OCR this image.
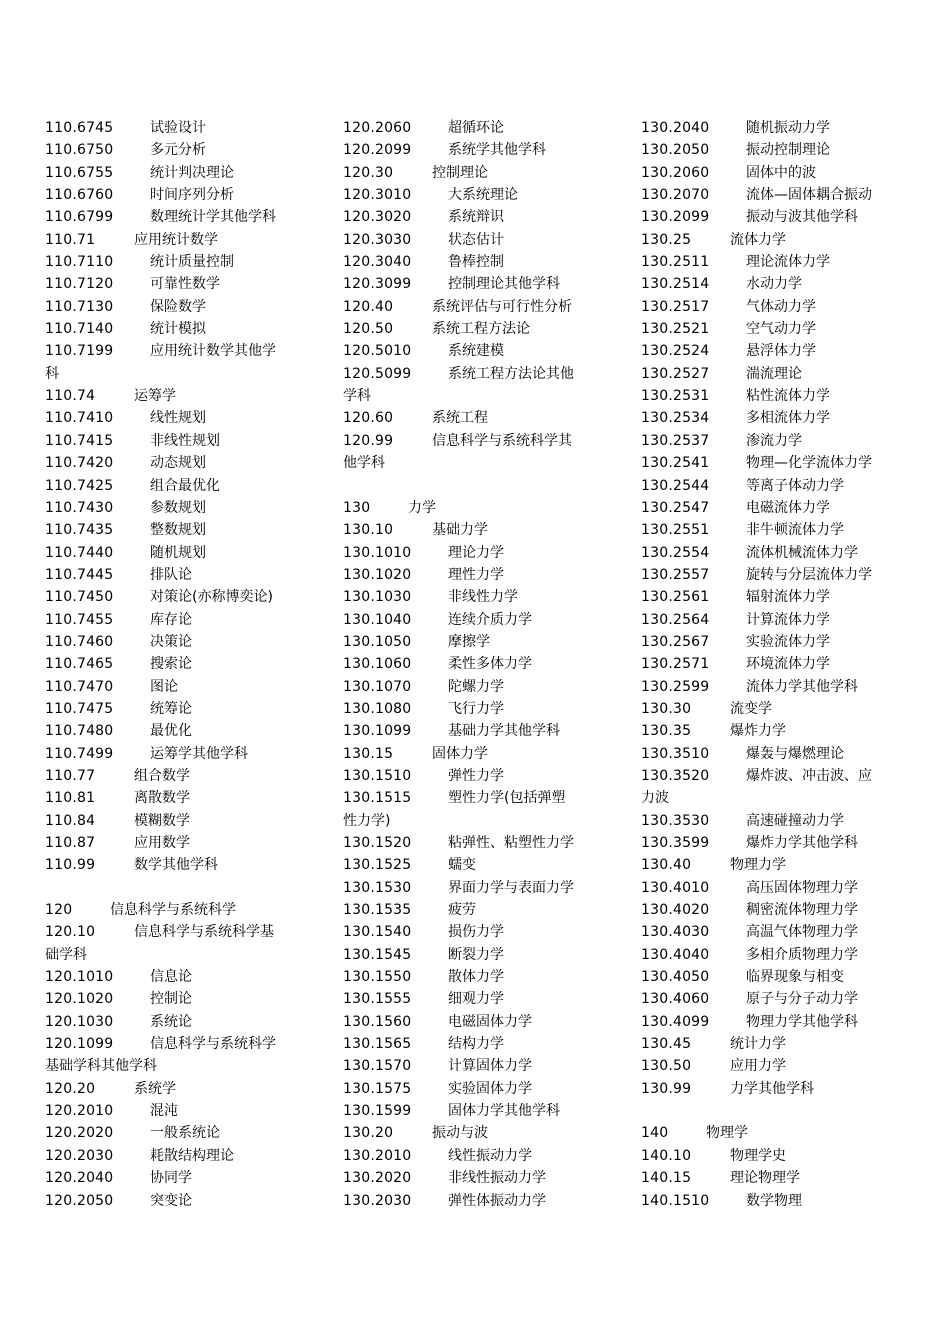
110.6745	试验设计
110.6750	多元分析
110.6755	统计判决理论
110.6760	时间序列分析
110.6799	数理统计学其他学科
110.71	应用统计数学
110.7110	统计质量控制
110.7120	可靠性数学
110.7130	保险数学
110.7140	统计模拟
110.7199	应用统计数学其他学
科
110.74	运筹学
110.7410	线性规划
110.7415	非线性规划
110.7420	动态规划
110.7425	组合最优化
110.7430	参数规划
110.7435	整数规划
110.7440	随机规划
110.7445	排队论
110.7450	对策论(亦称博奕论)
110.7455	库存论
110.7460	决策论
110.7465	搜索论
110.7470	图论
110.7475	统筹论
110.7480	最优化
110.7499	运筹学其他学科
110.77	组合数学
110.81	离散数学
110.84	模糊数学
110.87	应用数学
110.99	数学其他学科
120	信息科学与系统科学
120.10	信息科学与系统科学基
础学科
120.1010	信息论
120.1020	控制论
120.1030	系统论
120.1099	信息科学与系统科学
基础学科其他学科
120.20	系统学
120.2010	混沌
120.2020	一般系统论
120.2030	耗散结构理论
120.2040	协同学
120.2050	突变论
120.2060	超循环论
120.2099	系统学其他学科
120.30	控制理论
120.3010	大系统理论
120.3020	系统辩识
120.3030	状态估计
120.3040	鲁棒控制
120.3099	控制理论其他学科
120.40	系统评估与可行性分析
120.50	系统工程方法论
120.5010	系统建模
120.5099	系统工程方法论其他
学科
120.60	系统工程
120.99	信息科学与系统科学其
他学科
130	力学
130.10	基础力学
130.1010	理论力学
130.1020	理性力学
130.1030	非线性力学
130.1040	连续介质力学
130.1050	摩擦学
130.1060	柔性多体力学
130.1070	陀螺力学
130.1080	飞行力学
130.1099	基础力学其他学科
130.15	固体力学
130.1510	弹性力学
130.1515	塑性力学(包括弹塑
性力学)
130.1520	粘弹性、粘塑性力学
130.1525	蠕变
130.1530	界面力学与表面力学
130.1535	疲劳
130.1540	损伤力学
130.1545	断裂力学
130.1550	散体力学
130.1555	细观力学
130.1560	电磁固体力学
130.1565	结构力学
130.1570	计算固体力学
130.1575	实验固体力学
130.1599	固体力学其他学科
130.20	振动与波
130.2010	线性振动力学
130.2020	非线性振动力学
130.2030	弹性体振动力学
130.2040	随机振动力学
130.2050	振动控制理论
130.2060	固体中的波
130.2070	流体—固体耦合振动
130.2099	振动与波其他学科
130.25	流体力学
130.2511	理论流体力学
130.2514	水动力学
130.2517	气体动力学
130.2521	空气动力学
130.2524	悬浮体力学
130.2527	湍流理论
130.2531	粘性流体力学
130.2534	多相流体力学
130.2537	渗流力学
130.2541	物理—化学流体力学
130.2544	等离子体动力学
130.2547	电磁流体力学
130.2551	非牛顿流体力学
130.2554	流体机械流体力学
130.2557	旋转与分层流体力学
130.2561	辐射流体力学
130.2564	计算流体力学
130.2567	实验流体力学
130.2571	环境流体力学
130.2599	流体力学其他学科
130.30	流变学
130.35	爆炸力学
130.3510	爆轰与爆燃理论
130.3520	爆炸波、冲击波、应
力波
130.3530	高速碰撞动力学
130.3599	爆炸力学其他学科
130.40	物理力学
130.4010	高压固体物理力学
130.4020	稠密流体物理力学
130.4030	高温气体物理力学
130.4040	多相介质物理力学
130.4050	临界现象与相变
130.4060	原子与分子动力学
130.4099	物理力学其他学科
130.45	统计力学
130.50	应用力学
130.99	力学其他学科
140	物理学
140.10	物理学史
140.15	理论物理学
140.1510	数学物理
